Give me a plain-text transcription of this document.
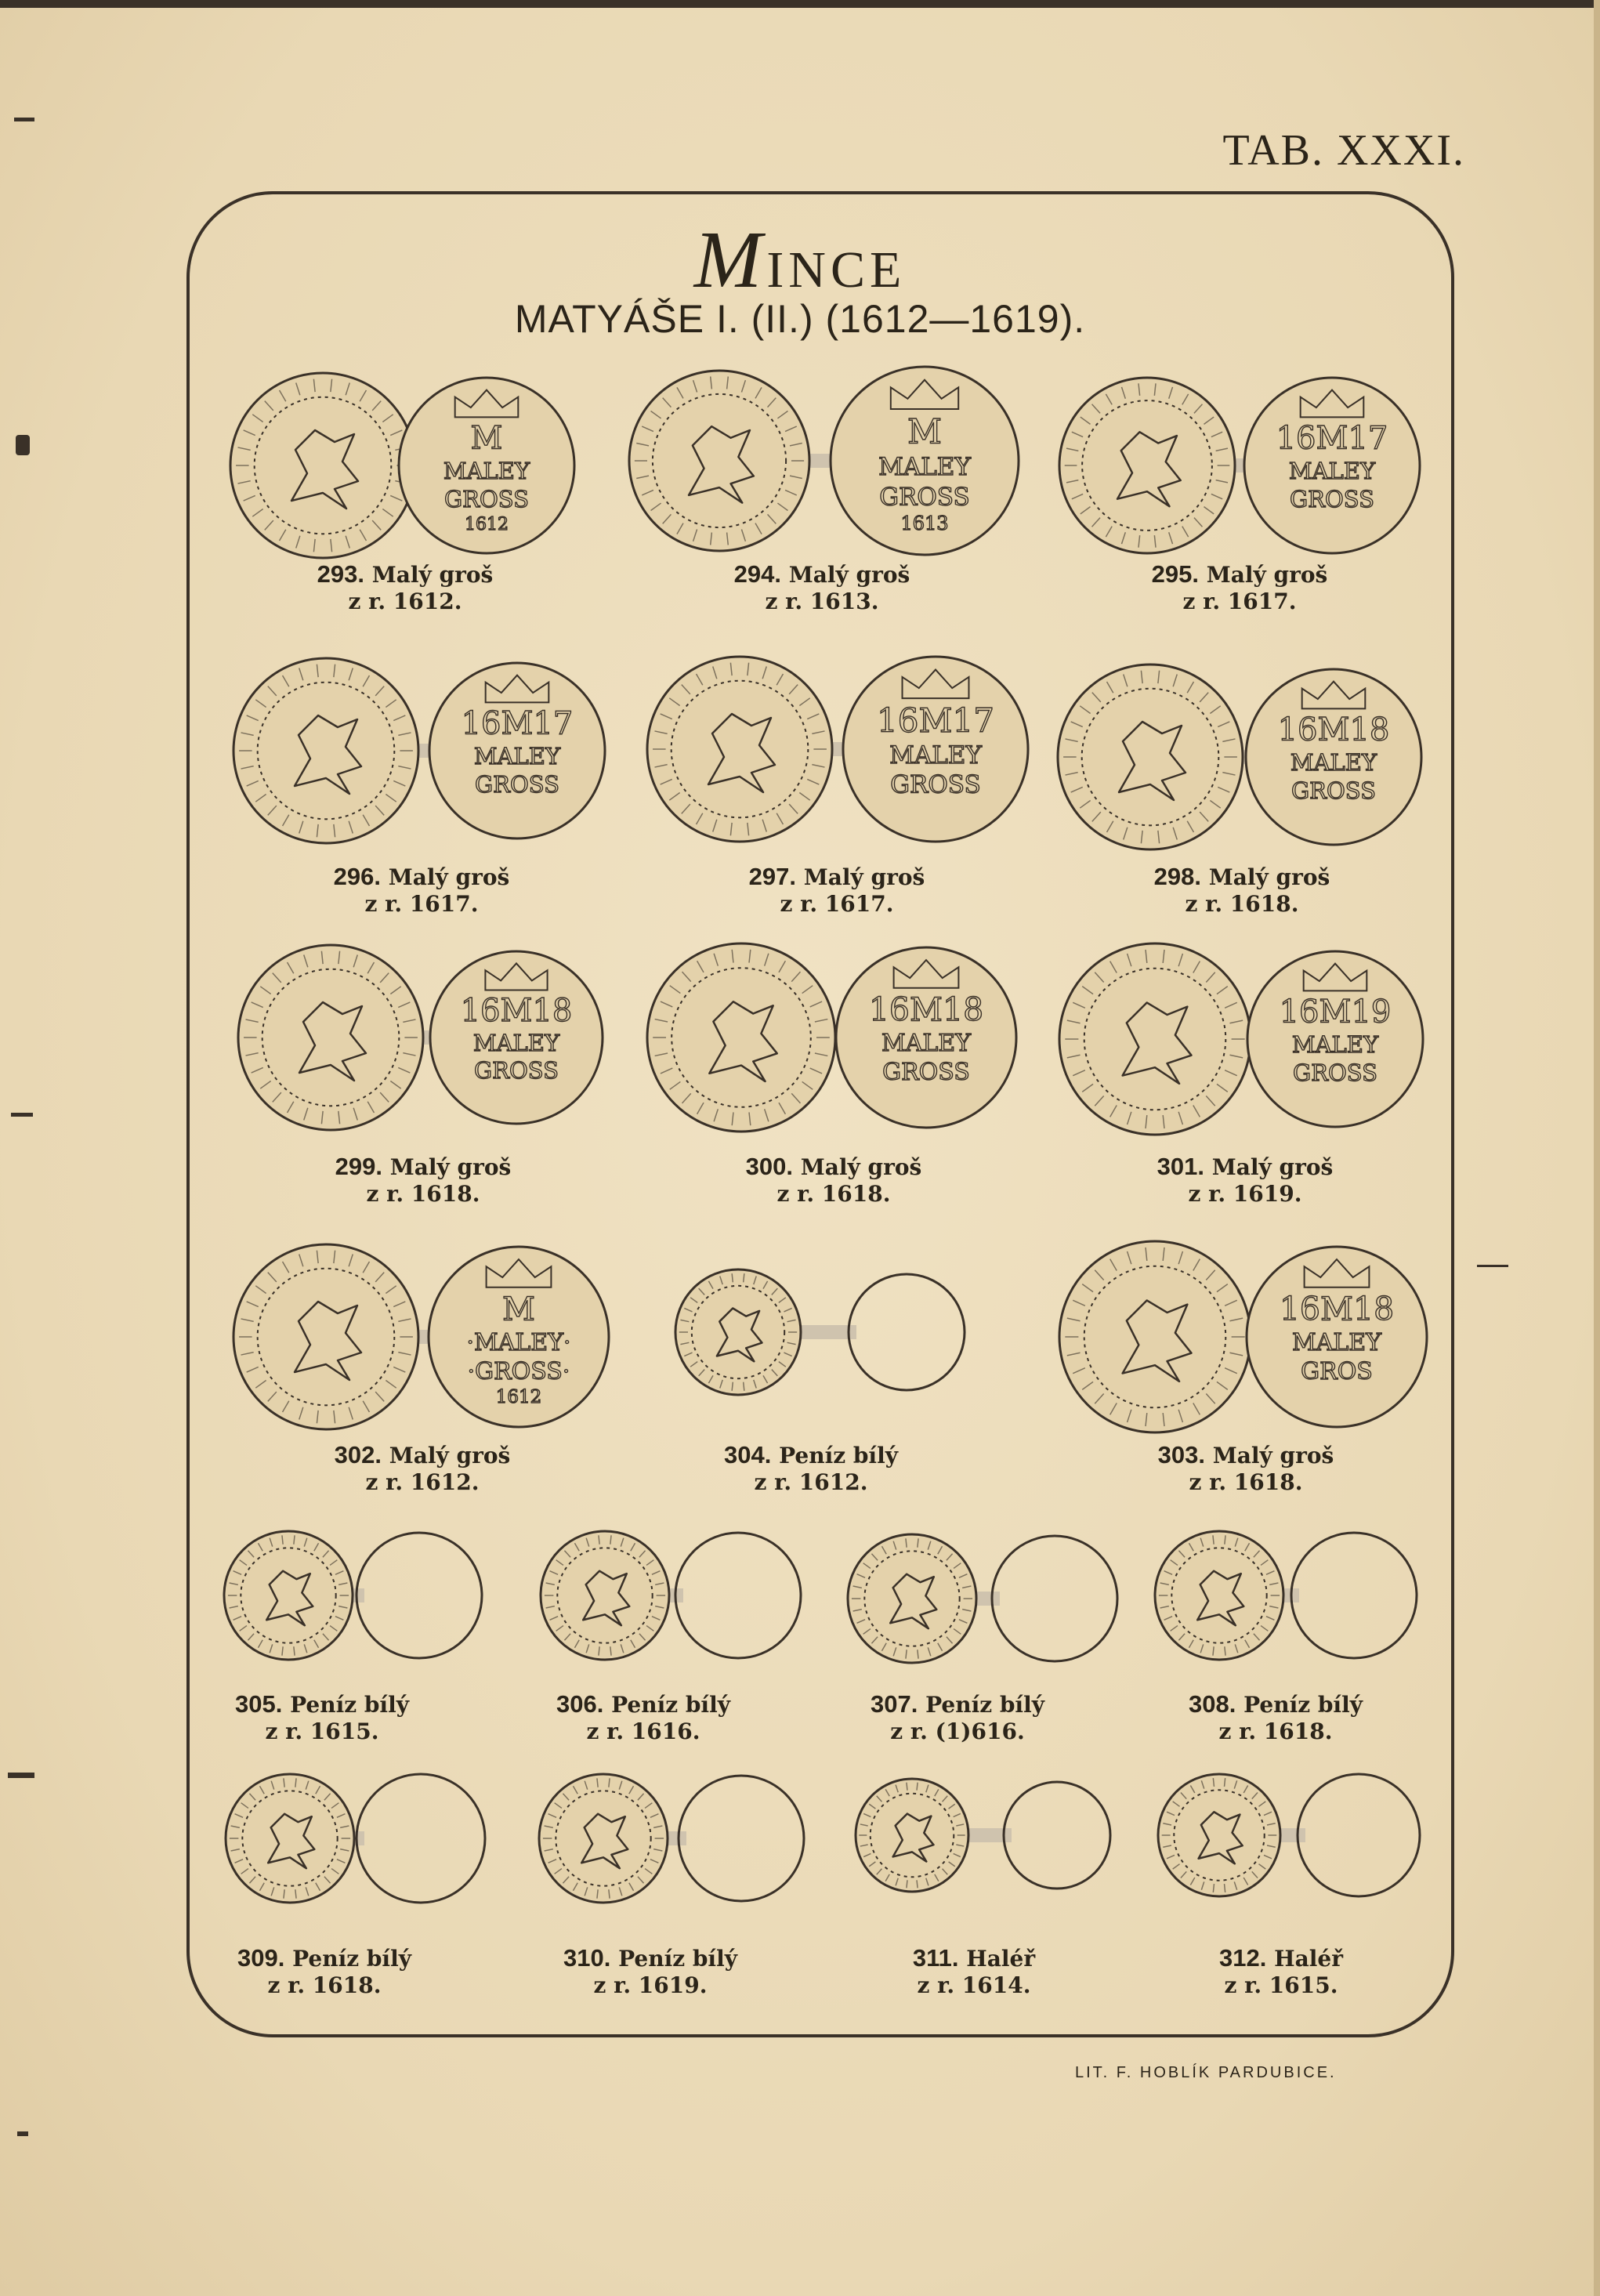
TAB. XXXI.
MINCE
MATYÁŠE I. (II.) (1612—1619).
M
MALEY
GROSS
1612
293. Malý groš
z r. 1612.
M
MALEY
GROSS
1613
294. Malý groš
z r. 1613.
16M17
MALEY
GROSS
295. Malý groš
z r. 1617.
16M17
MALEY
GROSS
296. Malý groš
z r. 1617.
16M17
MALEY
GROSS
297. Malý groš
z r. 1617.
16M18
MALEY
GROSS
298. Malý groš
z r. 1618.
16M18
MALEY
GROSS
299. Malý groš
z r. 1618.
16M18
MALEY
GROSS
300. Malý groš
z r. 1618.
16M19
MALEY
GROSS
301. Malý groš
z r. 1619.
M
·MALEY·
·GROSS·
1612
302. Malý groš
z r. 1612.
304. Peníz bílý
z r. 1612.
16M18
MALEY
GROS
303. Malý groš
z r. 1618.
305. Peníz bílý
z r. 1615.
306. Peníz bílý
z r. 1616.
307. Peníz bílý
z r. (1)616.
308. Peníz bílý
z r. 1618.
309. Peníz bílý
z r. 1618.
310. Peníz bílý
z r. 1619.
311. Haléř
z r. 1614.
312. Haléř
z r. 1615.
LIT. F. HOBLÍK PARDUBICE.
